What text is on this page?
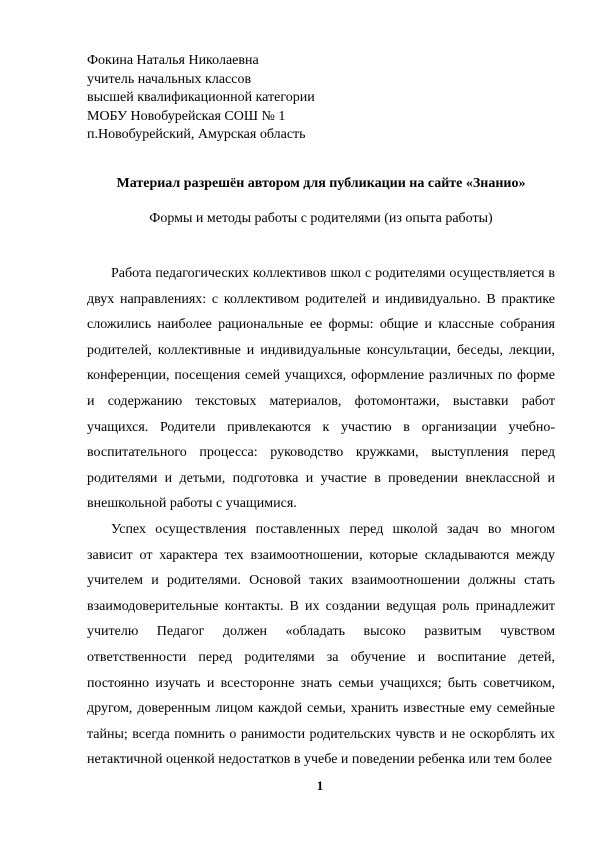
Фокина Наталья Николаевна
учитель начальных классов
высшей квалификационной категории
МОБУ Новобурейская СОШ № 1
п.Новобурейский, Амурская область
Материал разрешён автором для публикации на сайте «Знанио»
Формы и методы работы с родителями (из опыта работы)

Работа педагогических коллективов школ с родителями осуществляется в двух направлениях: с коллективом родителей и индивидуально. В практике сложились наиболее рациональные ее формы: общие и классные собрания родителей, коллективные и индивидуальные консультации, беседы, лекции, конференции, посещения семей учащихся, оформление различных по форме и содержанию текстовых материалов, фотомонтажи, выставки работ учащихся. Родители привлекаются к участию в организации учебно-воспитательного процесса: руководство кружками, выступления перед родителями и детьми, подготовка и участие в проведении внеклассной и внешкольной работы с учащимися.

Успех осуществления поставленных перед школой задач во многом зависит от характера тех взаимоотношении, которые складываются между учителем и родителями. Основой таких взаимоотношении должны стать взаимодоверительные контакты. В их создании ведущая роль принадлежит учителю Педагог должен «обладать высоко развитым чувством ответственности перед родителями за обучение и воспитание детей, постоянно изучать и всесторонне знать семьи учащихся; быть советчиком, другом, доверенным лицом каждой семьи, хранить известные ему семейные тайны; всегда помнить о ранимости родительских чувств и не оскорблять их нетактичной оценкой недостатков в учебе и поведении ребенка или тем более

1
